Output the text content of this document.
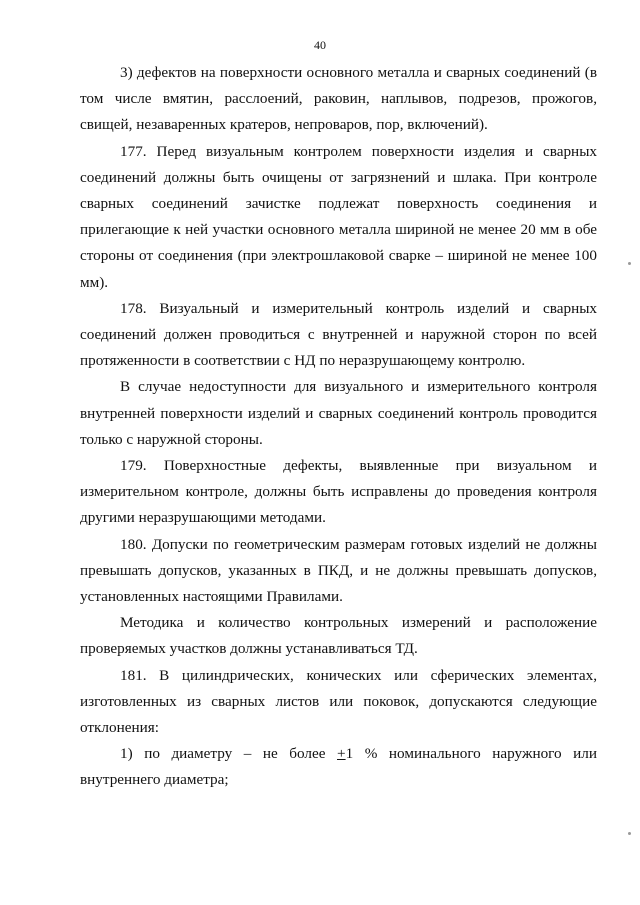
40

3) дефектов на поверхности основного металла и сварных соединений (в том числе вмятин, расслоений, раковин, наплывов, подрезов, прожогов, свищей, незаваренных кратеров, непроваров, пор, включений).

177. Перед визуальным контролем поверхности изделия и сварных соединений должны быть очищены от загрязнений и шлака. При контроле сварных соединений зачистке подлежат поверхность соединения и прилегающие к ней участки основного металла шириной не менее 20 мм в обе стороны от соединения (при электрошлаковой сварке – шириной не менее 100 мм).

178. Визуальный и измерительный контроль изделий и сварных соединений должен проводиться с внутренней и наружной сторон по всей протяженности в соответствии с НД по неразрушающему контролю.

В случае недоступности для визуального и измерительного контроля внутренней поверхности изделий и сварных соединений контроль проводится только с наружной стороны.

179. Поверхностные дефекты, выявленные при визуальном и измерительном контроле, должны быть исправлены до проведения контроля другими неразрушающими методами.

180. Допуски по геометрическим размерам готовых изделий не должны превышать допусков, указанных в ПКД, и не должны превышать допусков, установленных настоящими Правилами.

Методика и количество контрольных измерений и расположение проверяемых участков должны устанавливаться ТД.

181. В цилиндрических, конических или сферических элементах, изготовленных из сварных листов или поковок, допускаются следующие отклонения:

1) по диаметру – не более +1 % номинального наружного или внутреннего диаметра;
